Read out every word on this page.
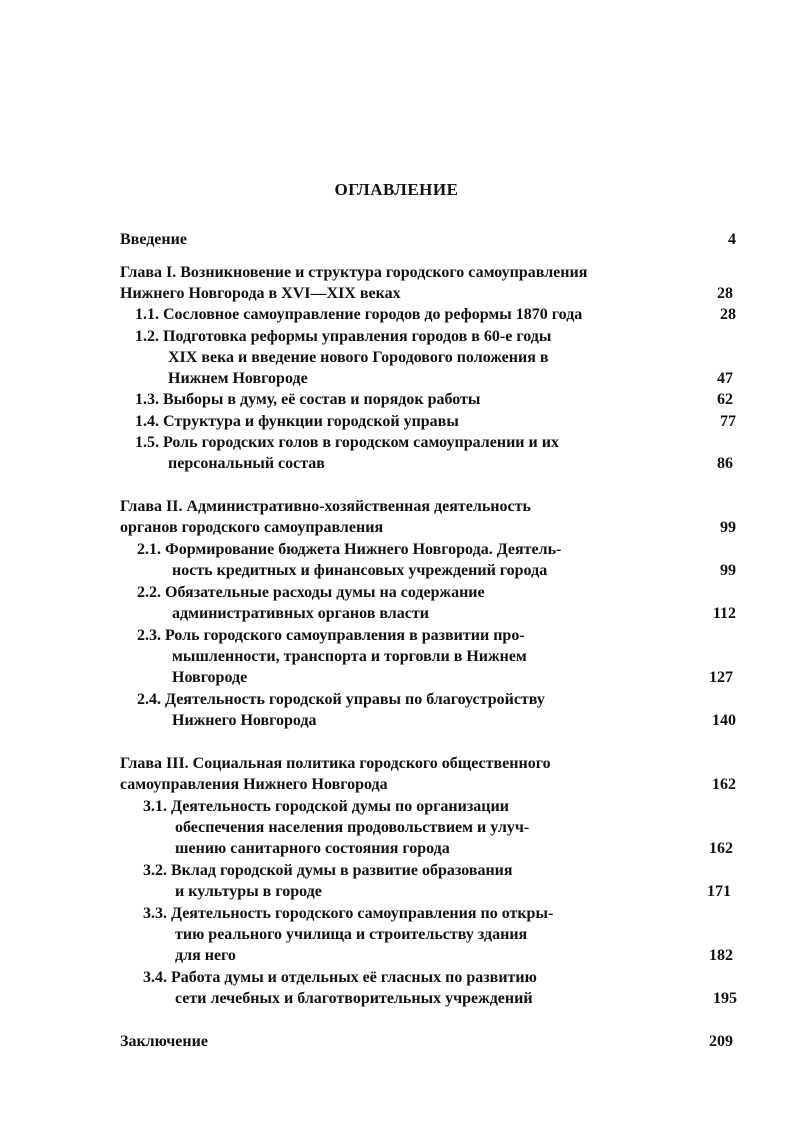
ОГЛАВЛЕНИЕ
Введение	4
Глава I. Возникновение и структура городского самоуправления
Нижнего Новгорода в XVI—XIX веках	28
1.1. Сословное самоуправление городов до реформы 1870 года	28
1.2. Подготовка реформы управления городов в 60-е годы
XIX века и введение нового Городового положения в
Нижнем Новгороде	47
1.3. Выборы в думу, её состав и порядок работы	62
1.4. Структура и функции городской управы	77
1.5. Роль городских голов в городском самоупралении и их
персональный состав	86
Глава II. Административно-хозяйственная деятельность
органов городского самоуправления	99
2.1. Формирование бюджета Нижнего Новгорода. Деятель-
ность кредитных и финансовых учреждений города	99
2.2. Обязательные расходы думы на содержание
административных органов власти	112
2.3. Роль городского самоуправления в развитии про-
мышленности, транспорта и торговли в Нижнем
Новгороде	127
2.4. Деятельность городской управы по благоустройству
Нижнего Новгорода	140
Глава III. Социальная политика городского общественного
самоуправления Нижнего Новгорода	162
3.1. Деятельность городской думы по организации
обеспечения населения продовольствием и улуч-
шению санитарного состояния города	162
3.2. Вклад городской думы в развитие образования
и культуры в городе	171
3.3. Деятельность городского самоуправления по откры-
тию реального училища и строительству здания
для него	182
3.4. Работа думы и отдельных её гласных по развитию
сети лечебных и благотворительных учреждений	195
Заключение	209
